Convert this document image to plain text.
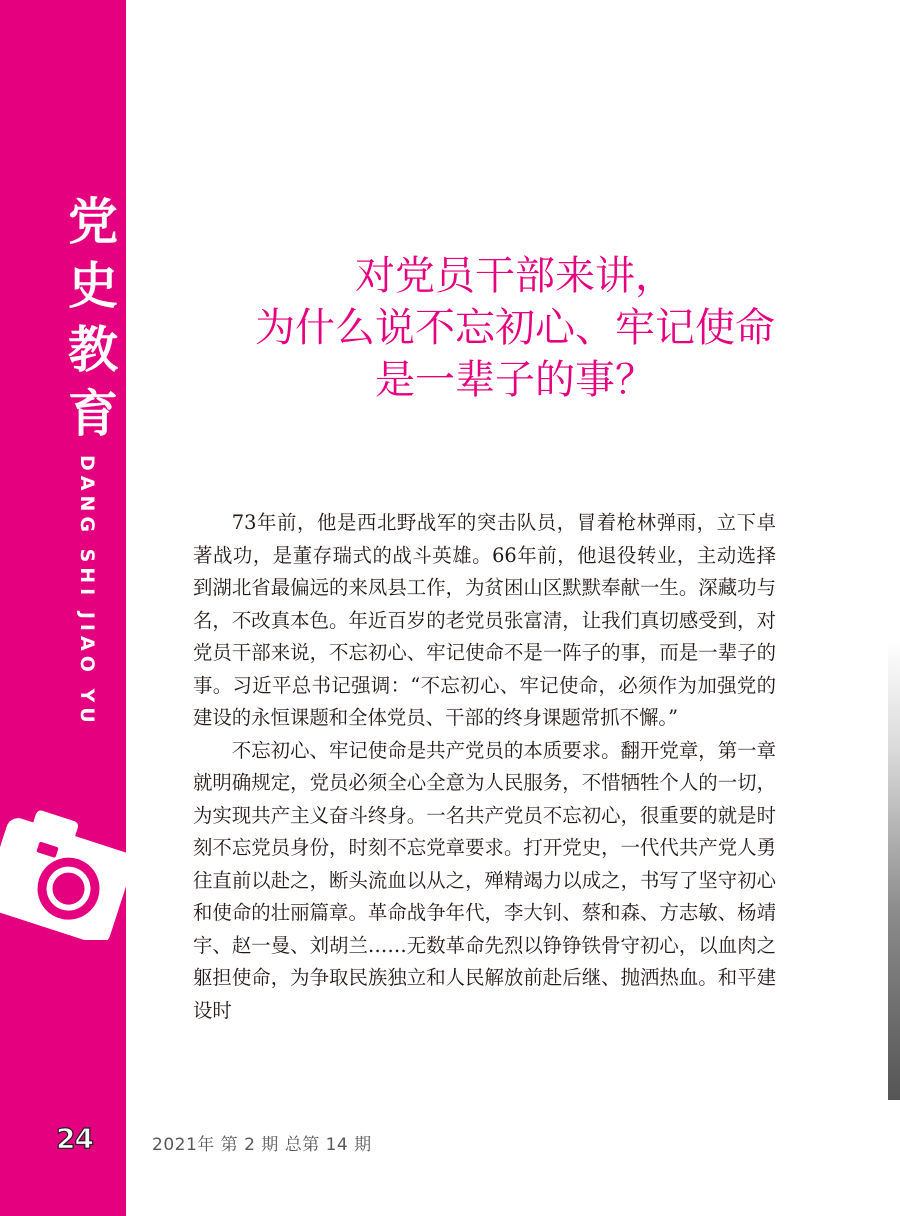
党
史
教
育
DANG SHI JIAO YU
24	2021年 第 2 期 总第 14 期
对党员干部来讲，
为什么说不忘初心、牢记使命
是一辈子的事？

73年前，他是西北野战军的突击队员，冒着枪林弹雨，立下卓著战功，是董存瑞式的战斗英雄。66年前，他退役转业，主动选择到湖北省最偏远的来凤县工作，为贫困山区默默奉献一生。深藏功与名，不改真本色。年近百岁的老党员张富清，让我们真切感受到，对党员干部来说，不忘初心、牢记使命不是一阵子的事，而是一辈子的事。习近平总书记强调：“不忘初心、牢记使命，必须作为加强党的建设的永恒课题和全体党员、干部的终身课题常抓不懈。”

不忘初心、牢记使命是共产党员的本质要求。翻开党章，第一章就明确规定，党员必须全心全意为人民服务，不惜牺牲个人的一切，为实现共产主义奋斗终身。一名共产党员不忘初心，很重要的就是时刻不忘党员身份，时刻不忘党章要求。打开党史，一代代共产党人勇往直前以赴之，断头流血以从之，殚精竭力以成之，书写了坚守初心和使命的壮丽篇章。革命战争年代，李大钊、蔡和森、方志敏、杨靖宇、赵一曼、刘胡兰……无数革命先烈以铮铮铁骨守初心，以血肉之躯担使命，为争取民族独立和人民解放前赴后继、抛洒热血。和平建设时
